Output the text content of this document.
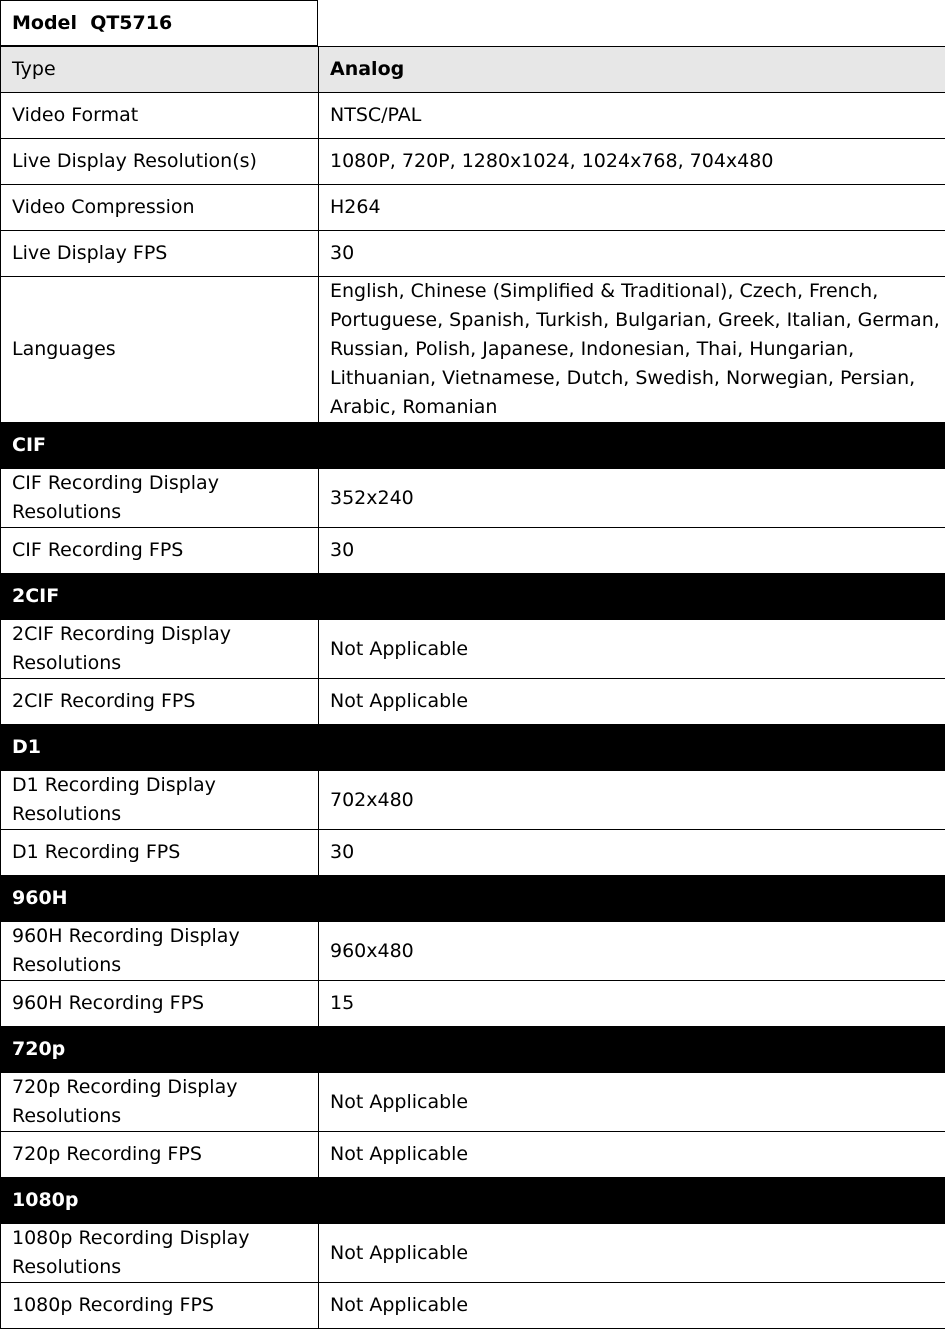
Model  QT5716
Type	Analog
Video Format	NTSC/PAL
Live Display Resolution(s)	1080P, 720P, 1280x1024, 1024x768, 704x480
Video Compression	H264
Live Display FPS	30
Languages	English, Chinese (Simplified & Traditional), Czech, French, Portuguese, Spanish, Turkish, Bulgarian, Greek, Italian, German, Russian, Polish, Japanese, Indonesian, Thai, Hungarian, Lithuanian, Vietnamese, Dutch, Swedish, Norwegian, Persian, Arabic, Romanian
CIF	
CIF Recording Display Resolutions	352x240
CIF Recording FPS	30
2CIF	
2CIF Recording Display Resolutions	Not Applicable
2CIF Recording FPS	Not Applicable
D1	
D1 Recording Display Resolutions	702x480
D1 Recording FPS	30
960H	
960H Recording Display Resolutions	960x480
960H Recording FPS	15
720p	
720p Recording Display Resolutions	Not Applicable
720p Recording FPS	Not Applicable
1080p	
1080p Recording Display Resolutions	Not Applicable
1080p Recording FPS	Not Applicable
